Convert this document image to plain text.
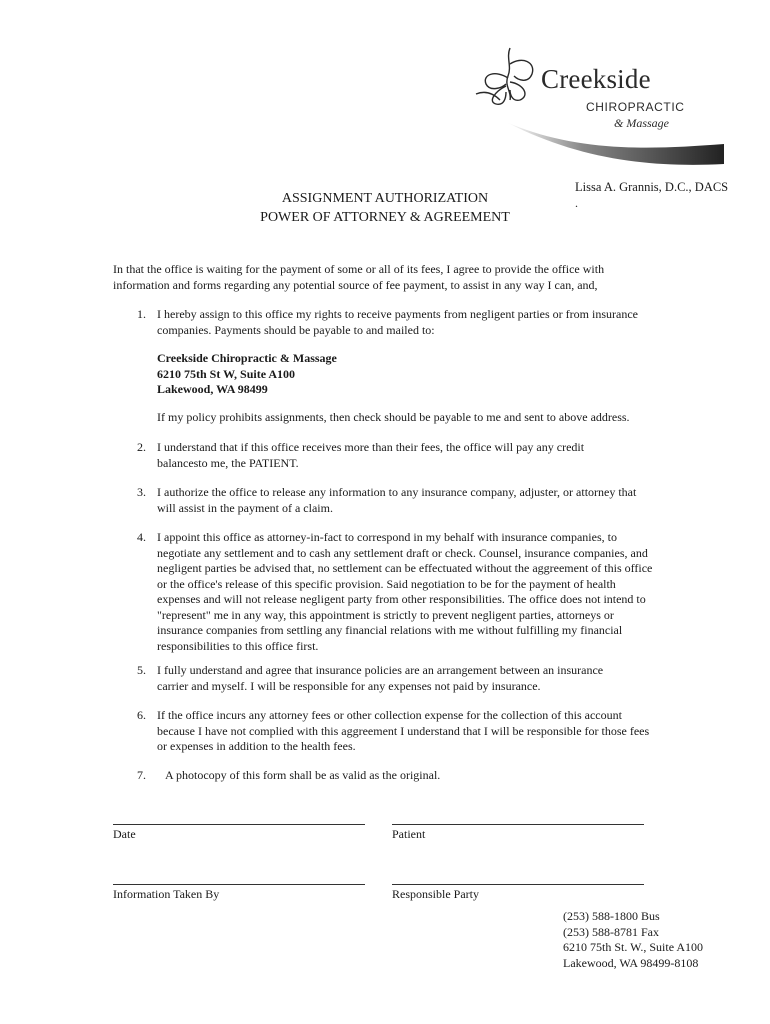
Creekside
CHIROPRACTIC
& Massage
Lissa A. Grannis, D.C., DACS
.
ASSIGNMENT AUTHORIZATION
POWER OF ATTORNEY & AGREEMENT
In that the office is waiting for the payment of some or all of its fees, I agree to provide the office with information and forms regarding any potential source of fee payment, to assist in any way I can, and,
1. I hereby assign to this office my rights to receive payments from negligent parties or from insurance companies. Payments should be payable to and mailed to:
Creekside Chiropractic & Massage
6210 75th St W, Suite A100
Lakewood, WA 98499
If my policy prohibits assignments, then check should be payable to me and sent to above address.
2. I understand that if this office receives more than their fees, the office will pay any credit balancesto me, the PATIENT.
3. I authorize the office to release any information to any insurance company, adjuster, or attorney that will assist in the payment of a claim.
4. I appoint this office as attorney-in-fact to correspond in my behalf with insurance companies, to negotiate any settlement and to cash any settlement draft or check. Counsel, insurance companies, and negligent parties be advised that, no settlement can be effectuated without the aggreement of this office or the office's release of this specific provision. Said negotiation to be for the payment of health expenses and will not release negligent party from other responsibilities. The office does not intend to "represent" me in any way, this appointment is strictly to prevent negligent parties, attorneys or insurance companies from settling any financial relations with me without fulfilling my financial responsibilities to this office first.
5. I fully understand and agree that insurance policies are an arrangement between an insurance carrier and myself. I will be responsible for any expenses not paid by insurance.
6. If the office incurs any attorney fees or other collection expense for the collection of this account because I have not complied with this aggreement I understand that I will be responsible for those fees or expenses in addition to the health fees.
7. A photocopy of this form shall be as valid as the original.
Date	Patient
Information Taken By	Responsible Party
(253) 588-1800 Bus
(253) 588-8781 Fax
6210 75th St. W., Suite A100
Lakewood, WA 98499-8108
